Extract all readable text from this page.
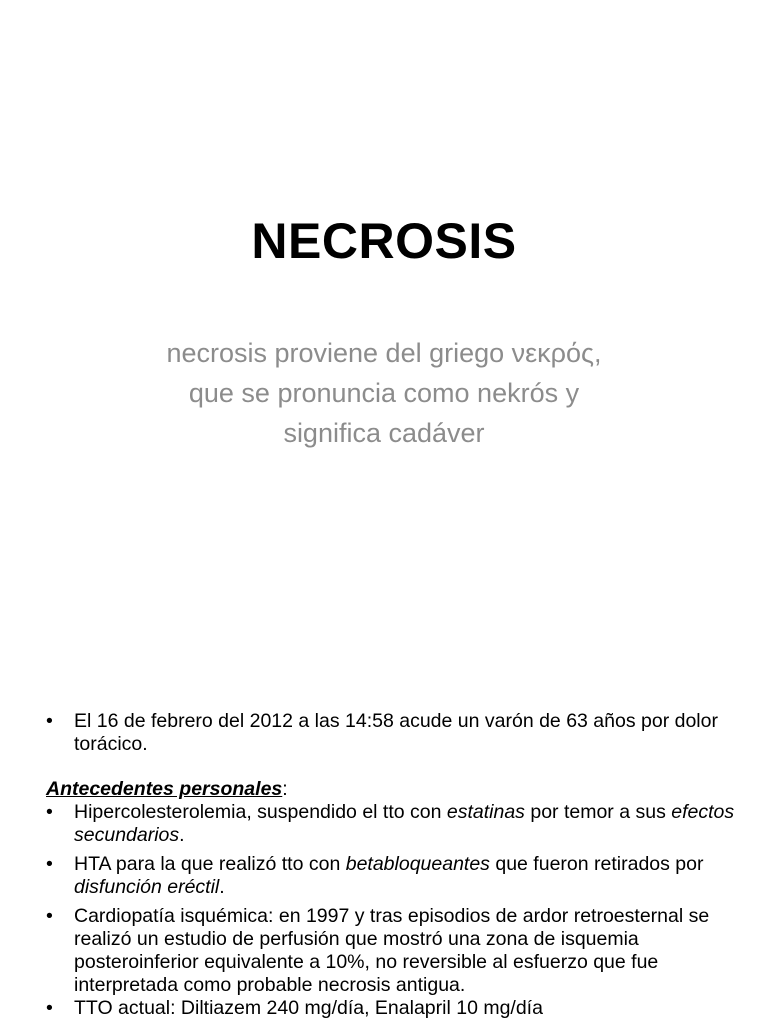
NECROSIS
necrosis proviene del griego νεκρός,
que se pronuncia como nekrós y
significa cadáver
• El 16 de febrero del 2012 a las 14:58 acude un varón de 63 años por dolor torácico.
Antecedentes personales:
• Hipercolesterolemia, suspendido el tto con estatinas por temor a sus efectos secundarios.
• HTA para la que realizó tto con betabloqueantes que fueron retirados por disfunción eréctil.
• Cardiopatía isquémica: en 1997 y tras episodios de ardor retroesternal se realizó un estudio de perfusión que mostró una zona de isquemia posteroinferior equivalente a 10%, no reversible al esfuerzo que fue interpretada como probable necrosis antigua.
• TTO actual: Diltiazem 240 mg/día, Enalapril 10 mg/día
